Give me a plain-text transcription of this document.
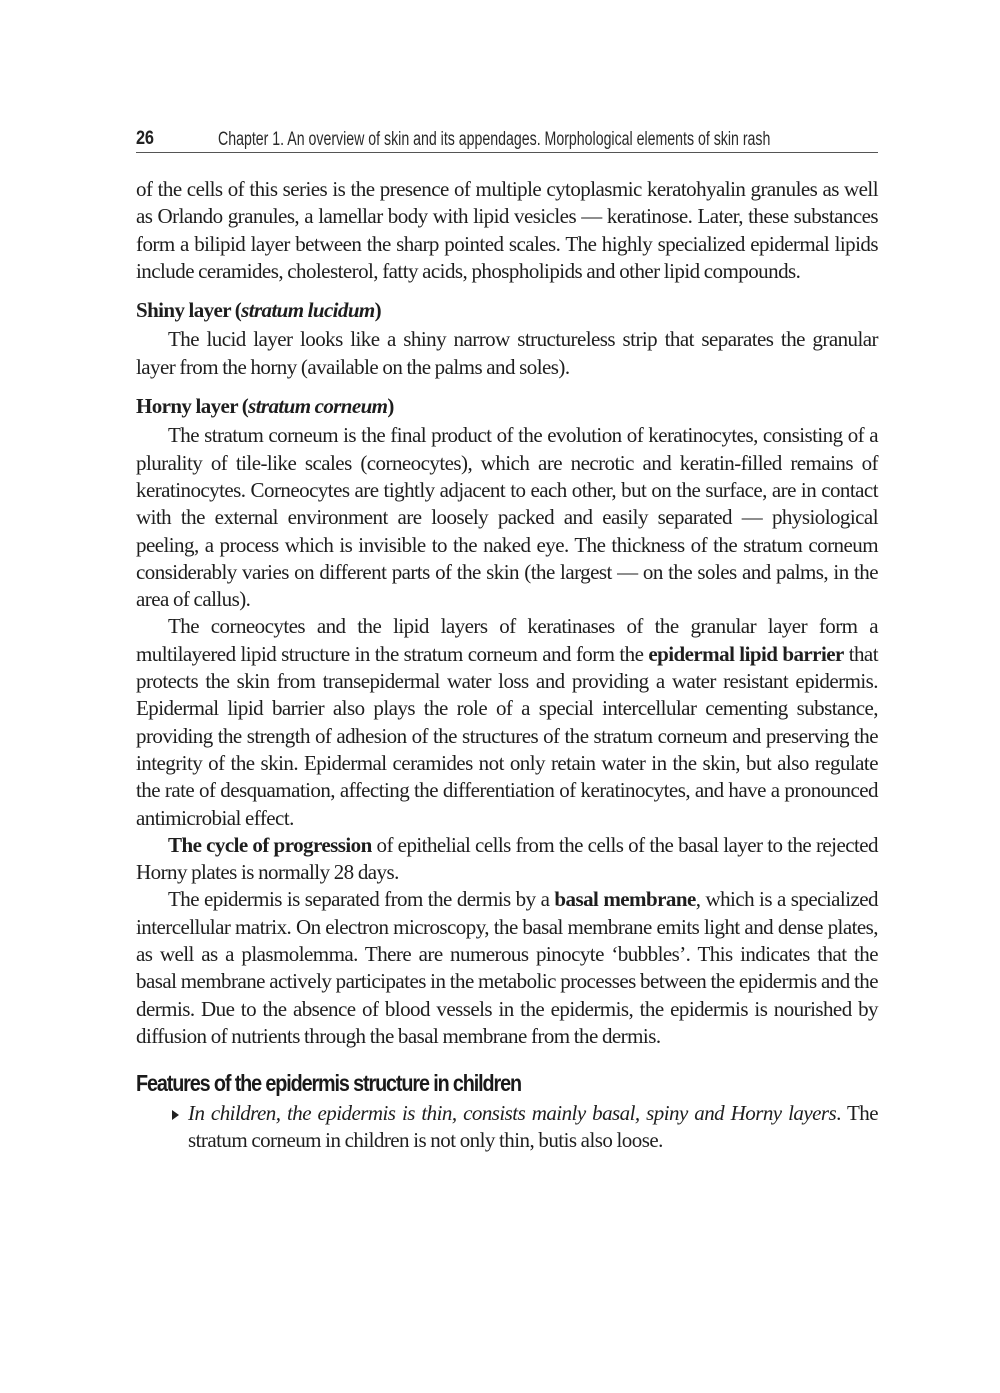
26	Chapter 1. An overview of skin and its appendages. Morphological elements of skin rash

of the cells of this series is the presence of multiple cytoplasmic keratohyalin granules as well as Orlando granules, a lamellar body with lipid vesicles — keratinose. Later, these substances form a bilipid layer between the sharp pointed scales. The highly specialized epidermal lipids include ceramides, cholesterol, fatty acids, phospholipids and other lipid compounds.

Shiny layer (stratum lucidum)

The lucid layer looks like a shiny narrow structureless strip that separates the granular layer from the horny (available on the palms and soles).

Horny layer (stratum corneum)

The stratum corneum is the final product of the evolution of keratinocytes, consisting of a plurality of tile-like scales (corneocytes), which are necrotic and keratin-filled remains of keratinocytes. Corneocytes are tightly adjacent to each other, but on the surface, are in contact with the external environment are loosely packed and easily separated — physiological peeling, a process which is invisible to the naked eye. The thickness of the stratum corneum considerably varies on different parts of the skin (the largest — on the soles and palms, in the area of callus).

The corneocytes and the lipid layers of keratinases of the granular layer form a multilayered lipid structure in the stratum corneum and form the epidermal lipid barrier that protects the skin from transepidermal water loss and providing a water resistant epidermis. Epidermal lipid barrier also plays the role of a special intercellular cementing substance, providing the strength of adhesion of the structures of the stratum corneum and preserving the integrity of the skin. Epidermal ceramides not only retain water in the skin, but also regulate the rate of desquamation, affecting the differentiation of keratinocytes, and have a pronounced antimicrobial effect.

The cycle of progression of epithelial cells from the cells of the basal layer to the rejected Horny plates is normally 28 days.

The epidermis is separated from the dermis by a basal membrane, which is a specialized intercellular matrix. On electron microscopy, the basal membrane emits light and dense plates, as well as a plasmolemma. There are numerous pinocyte ‘bubbles’. This indicates that the basal membrane actively participates in the metabolic processes between the epidermis and the dermis. Due to the absence of blood vessels in the epidermis, the epidermis is nourished by diffusion of nutrients through the basal membrane from the dermis.

Features of the epidermis structure in children
In children, the epidermis is thin, consists mainly basal, spiny and Horny layers. The stratum corneum in children is not only thin, butis also loose.
